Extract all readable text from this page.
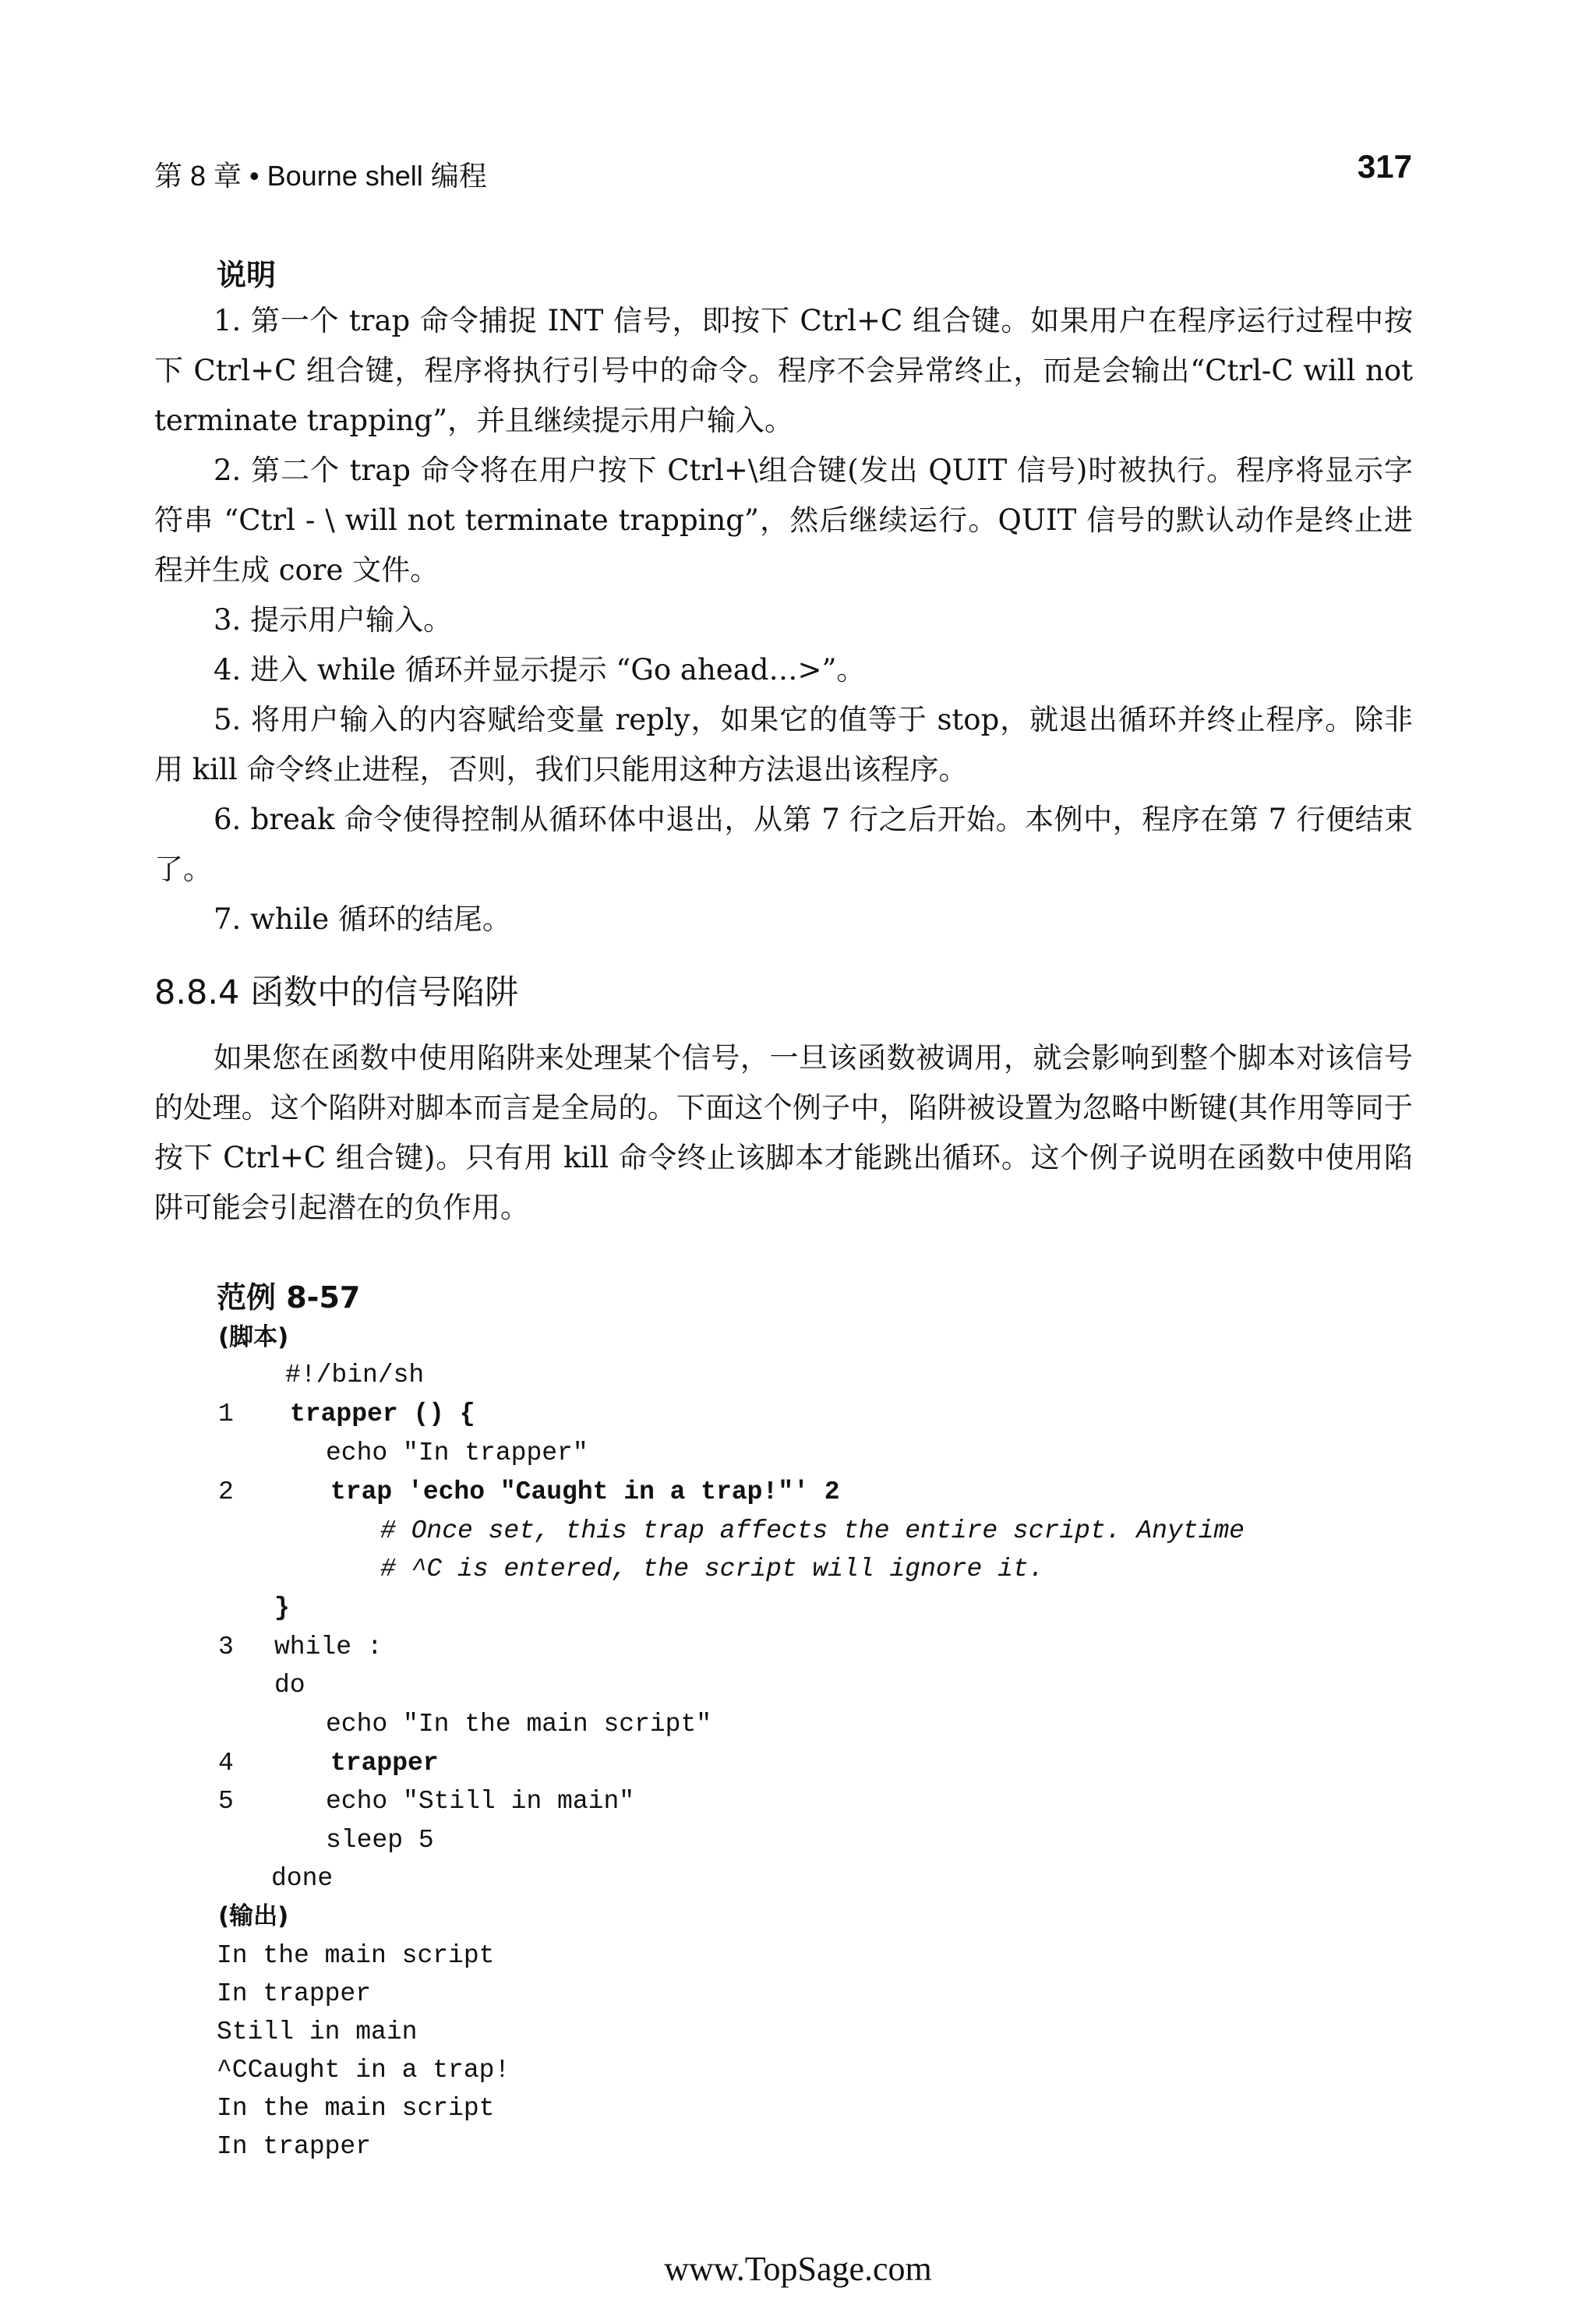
第 8 章 • Bourne shell 编程	317
说明

1. 第一个 trap 命令捕捉 INT 信号，即按下 Ctrl+C 组合键。如果用户在程序运行过程中按下 Ctrl+C 组合键，程序将执行引号中的命令。程序不会异常终止，而是会输出“Ctrl-C will not terminate trapping”，并且继续提示用户输入。

2. 第二个 trap 命令将在用户按下 Ctrl+\组合键(发出 QUIT 信号)时被执行。程序将显示字符串 “Ctrl - \ will not terminate trapping”，然后继续运行。QUIT 信号的默认动作是终止进程并生成 core 文件。

3. 提示用户输入。

4. 进入 while 循环并显示提示 “Go ahead…>”。

5. 将用户输入的内容赋给变量 reply，如果它的值等于 stop，就退出循环并终止程序。除非用 kill 命令终止进程，否则，我们只能用这种方法退出该程序。

6. break 命令使得控制从循环体中退出，从第 7 行之后开始。本例中，程序在第 7 行便结束了。

7. while 循环的结尾。

8.8.4 函数中的信号陷阱

如果您在函数中使用陷阱来处理某个信号，一旦该函数被调用，就会影响到整个脚本对该信号的处理。这个陷阱对脚本而言是全局的。下面这个例子中，陷阱被设置为忽略中断键(其作用等同于按下 Ctrl+C 组合键)。只有用 kill 命令终止该脚本才能跳出循环。这个例子说明在函数中使用陷阱可能会引起潜在的负作用。

范例 8-57
(脚本)
#!/bin/sh
1 trapper () {
echo "In trapper"
2	trap 'echo "Caught in a trap!"' 2
# Once set, this trap affects the entire script. Anytime
# ^C is entered, the script will ignore it.
}
3 while :
do
echo "In the main script"
4	trapper
5	echo "Still in main"
sleep 5
done
(输出)
In the main script
In trapper
Still in main
^CCaught in a trap!
In the main script
In trapper
www.TopSage.com
